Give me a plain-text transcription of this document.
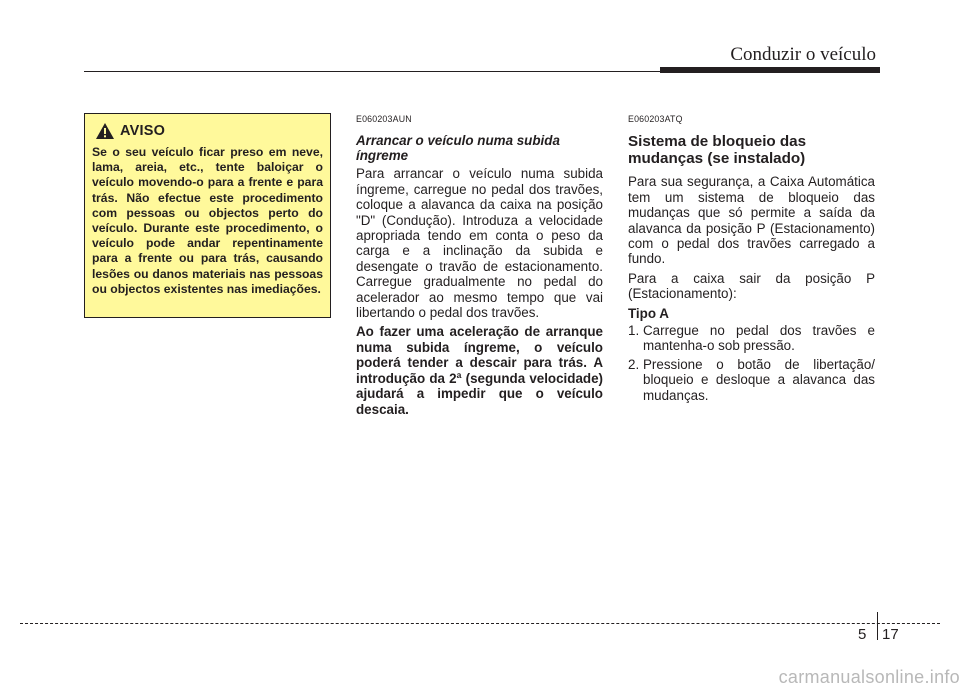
Conduzir o veículo
AVISO

Se o seu veículo ficar preso em neve, lama, areia, etc., tente baloiçar o veículo movendo-o para a frente e para trás. Não efectue este procedimento com pessoas ou objectos perto do veículo. Durante este procedimento, o veículo pode andar repentinamente para a frente ou para trás, causando lesões ou danos materiais nas pessoas ou objectos existentes nas imediações.

E060203AUN
Arrancar o veículo numa subida íngreme

Para arrancar o veículo numa subida íngreme, carregue no pedal dos travões, coloque a alavanca da caixa na posição "D" (Condução). Introduza a velocidade apropriada tendo em conta o peso da carga e a inclinação da subida e desengate o travão de estacionamento. Carregue gradualmente no pedal do acelerador ao mesmo tempo que vai libertando o pedal dos travões.

Ao fazer uma aceleração de arranque numa subida íngreme, o veículo poderá tender a descair para trás. A introdução da 2ª (segunda velocidade) ajudará a impedir que o veículo descaia.

E060203ATQ
Sistema de bloqueio das mudanças (se instalado)

Para sua segurança, a Caixa Automática tem um sistema de bloqueio das mudanças que só permite a saída da alavanca da posição P (Estacionamento) com o pedal dos travões carregado a fundo.

Para a caixa sair da posição P (Estacionamento):

Tipo A
1. Carregue no pedal dos travões e mantenha-o sob pressão.
2. Pressione o botão de libertação/ bloqueio e desloque a alavanca das mudanças.
5 17
carmanualsonline.info
